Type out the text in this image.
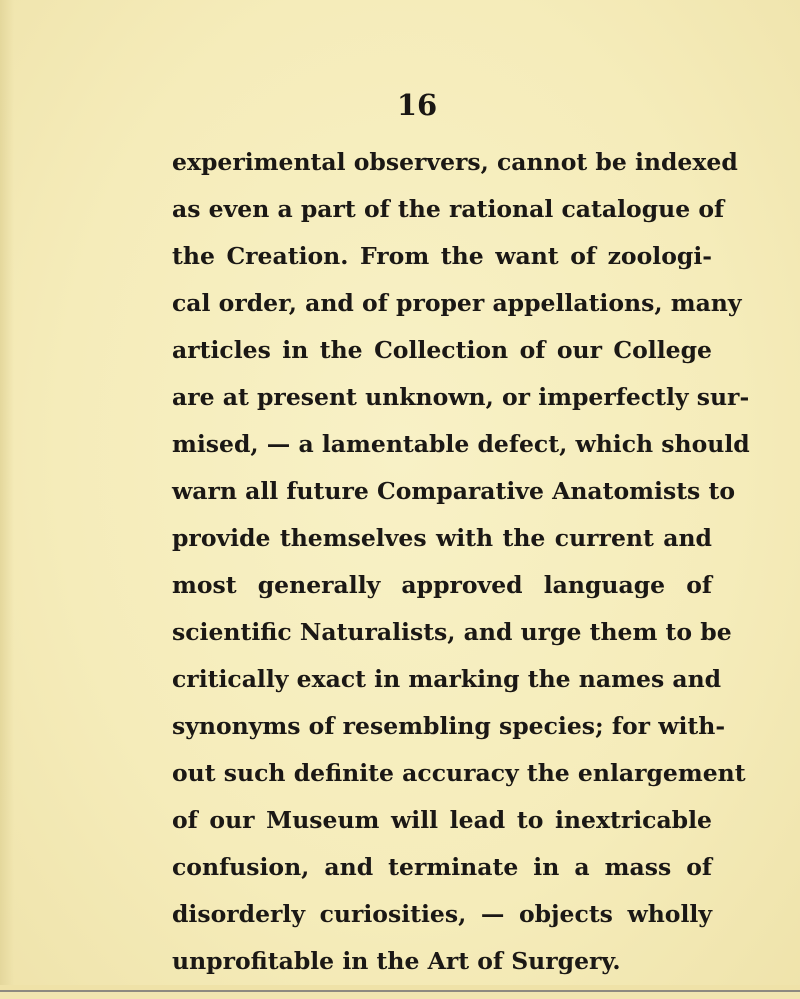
16
experimental observers, cannot be indexed
as even a part of the rational catalogue of
the Creation. From the want of zoologi-
cal order, and of proper appellations, many
articles in the Collection of our College
are at present unknown, or imperfectly sur-
mised, — a lamentable defect, which should
warn all future Comparative Anatomists to
provide themselves with the current and
most generally approved language of
scientific Naturalists, and urge them to be
critically exact in marking the names and
synonyms of resembling species; for with-
out such definite accuracy the enlargement
of our Museum will lead to inextricable
confusion, and terminate in a mass of
disorderly curiosities, — objects wholly
unprofitable in the Art of Surgery.
